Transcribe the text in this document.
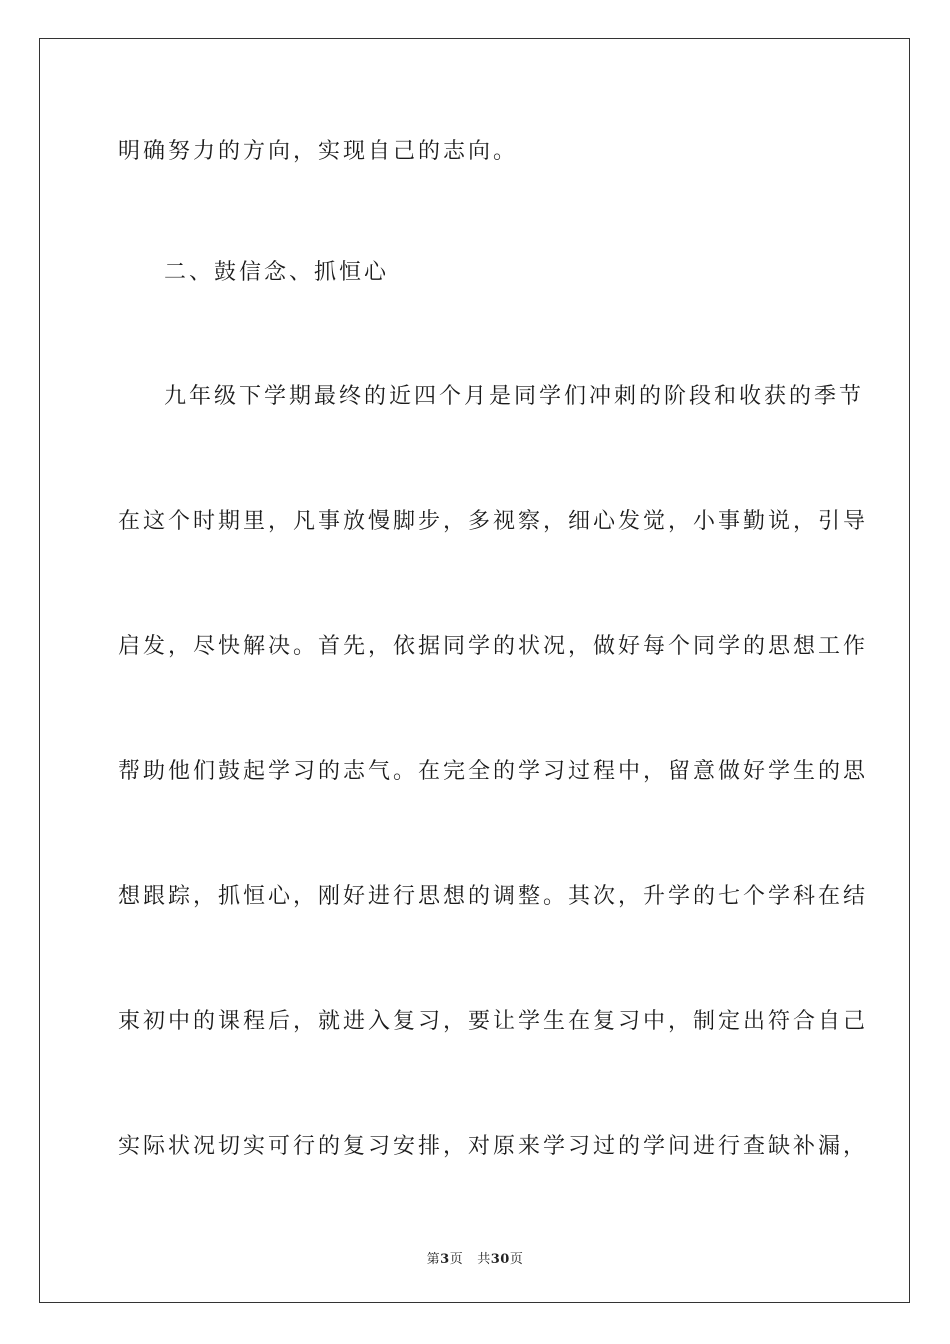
明确努力的方向，实现自己的志向。
二、鼓信念、抓恒心
九年级下学期最终的近四个月是同学们冲刺的阶段和收获的季节
在这个时期里，凡事放慢脚步，多视察，细心发觉，小事勤说，引导
启发，尽快解决。首先，依据同学的状况，做好每个同学的思想工作
帮助他们鼓起学习的志气。在完全的学习过程中，留意做好学生的思
想跟踪，抓恒心，刚好进行思想的调整。其次，升学的七个学科在结
束初中的课程后，就进入复习，要让学生在复习中，制定出符合自己
实际状况切实可行的复习安排，对原来学习过的学问进行查缺补漏，
第3页 共30页
